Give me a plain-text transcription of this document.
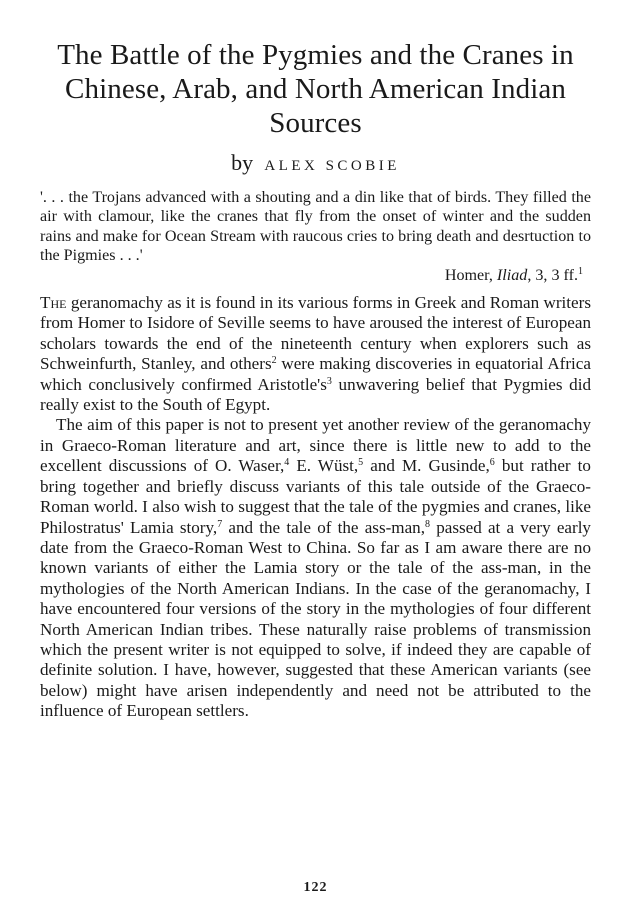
The Battle of the Pygmies and the Cranes in Chinese, Arab, and North American Indian Sources
by ALEX SCOBIE
'. . . the Trojans advanced with a shouting and a din like that of birds. They filled the air with clamour, like the cranes that fly from the onset of winter and the sudden rains and make for Ocean Stream with raucous cries to bring death and desrtuction to the Pigmies . . .'
Homer, Iliad, 3, 3 ff.$^1$

The geranomachy as it is found in its various forms in Greek and Roman writers from Homer to Isidore of Seville seems to have aroused the interest of European scholars towards the end of the nineteenth century when explorers such as Schweinfurth, Stanley, and others$^2$ were making discoveries in equatorial Africa which conclusively confirmed $Aristotle's^3$ unwavering belief that Pygmies did really exist to the South of Egypt.

The aim of this paper is not to present yet another review of the geranomachy in Graeco-Roman literature and art, since there is little new to add to the excellent discussions of O. Waser,$^4$ E. Wüst,$^5$ and M. Gusinde,$^6$ but rather to bring together and briefly discuss variants of this tale outside of the Graeco-Roman world. I also wish to suggest that the tale of the pygmies and cranes, like Philostratus' Lamia story,$^7$ and the tale of the ass-man,$^8$ passed at a very early date from the Graeco-Roman West to China. So far as I am aware there are no known variants of either the Lamia story or the tale of the ass-man, in the mythologies of the North American Indians. In the case of the geranomachy, I have encountered four versions of the story in the mythologies of four different North American Indian tribes. These naturally raise problems of transmission which the present writer is not equipped to solve, if indeed they are capable of definite solution. I have, however, suggested that these American variants (see below) might have arisen independently and need not be attributed to the influence of European settlers.

122
